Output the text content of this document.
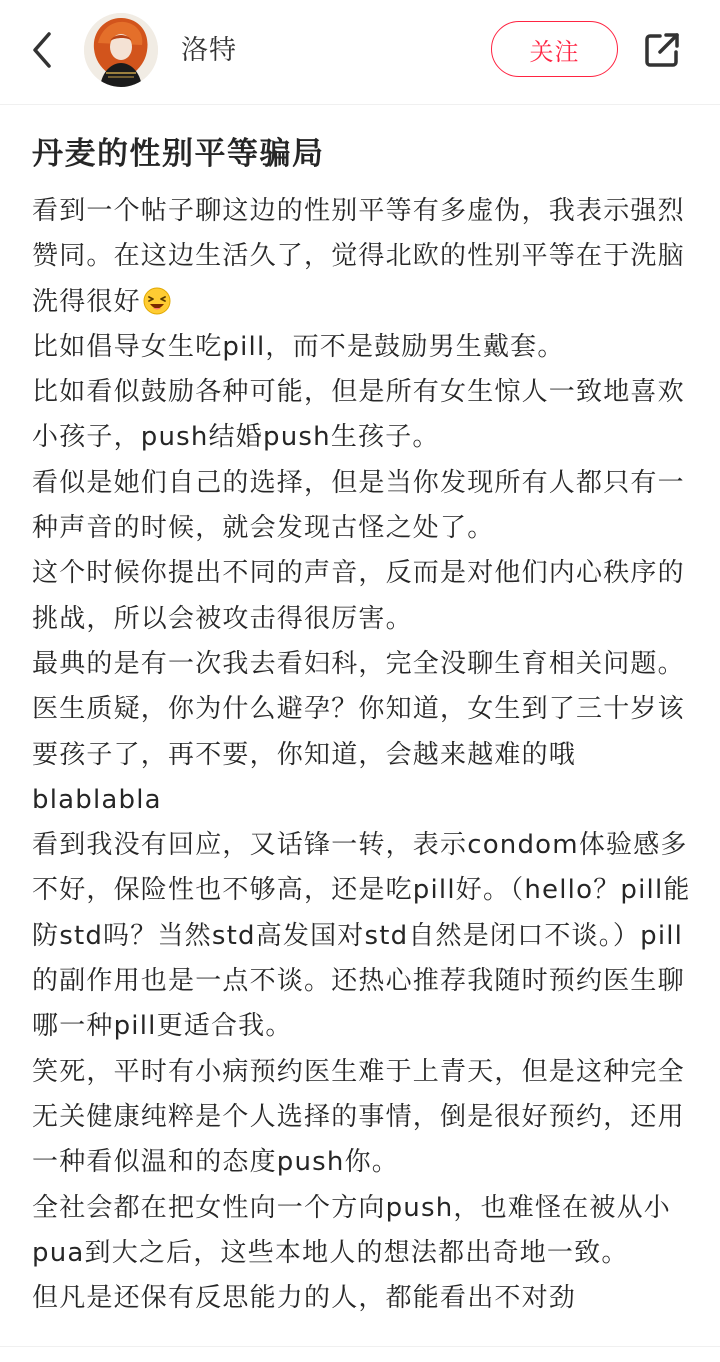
洛特	关注
丹麦的性别平等骗局

看到一个帖子聊这边的性别平等有多虚伪，我表示强烈赞同。在这边生活久了，觉得北欧的性别平等在于洗脑洗得很好

比如倡导女生吃pill，而不是鼓励男生戴套。

比如看似鼓励各种可能，但是所有女生惊人一致地喜欢小孩子，push结婚push生孩子。

看似是她们自己的选择，但是当你发现所有人都只有一种声音的时候，就会发现古怪之处了。

这个时候你提出不同的声音，反而是对他们内心秩序的挑战，所以会被攻击得很厉害。

最典的是有一次我去看妇科，完全没聊生育相关问题。医生质疑，你为什么避孕？你知道，女生到了三十岁该要孩子了，再不要，你知道，会越来越难的哦blablabla

看到我没有回应，又话锋一转，表示condom体验感多不好，保险性也不够高，还是吃pill好。（hello？pill能防std吗？当然std高发国对std自然是闭口不谈。）pill的副作用也是一点不谈。还热心推荐我随时预约医生聊哪一种pill更适合我。

笑死，平时有小病预约医生难于上青天，但是这种完全无关健康纯粹是个人选择的事情，倒是很好预约，还用一种看似温和的态度push你。

全社会都在把女性向一个方向push，也难怪在被从小pua到大之后，这些本地人的想法都出奇地一致。

但凡是还保有反思能力的人，都能看出不对劲
